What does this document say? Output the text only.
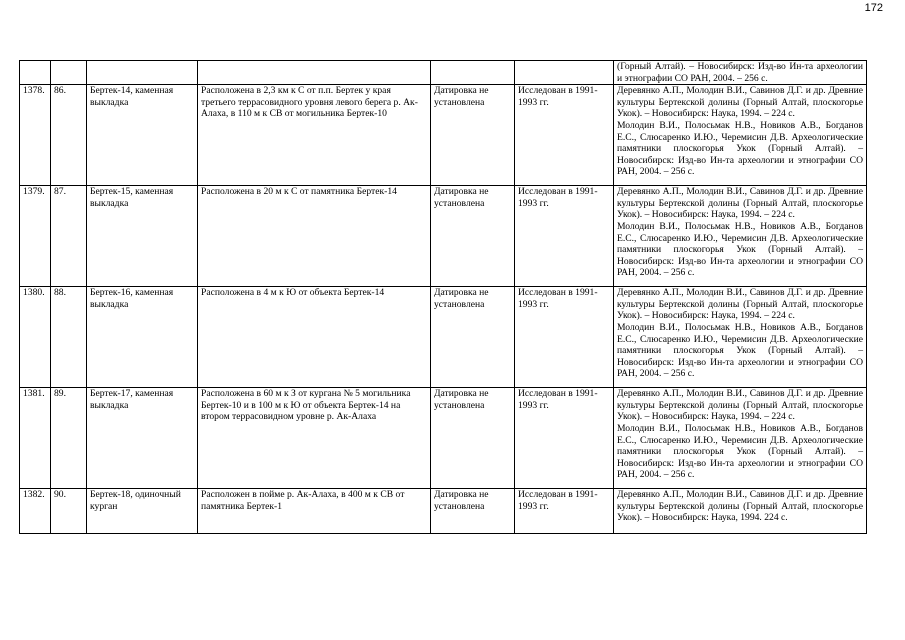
172

						(Горный Алтай). – Новосибирск: Изд-во Ин-та археологии и этнографии СО РАН, 2004. – 256 с.

1378.	86.	Бертек-14, каменная выкладка	Расположена в 2,3 км к С от п.п. Бертек у края третьего террасовидного уровня левого берега р. Ак-Алаха, в 110 м к СВ от могильника Бертек-10	Датировка не установлена	Исследован в 1991-1993 гг.	Деревянко А.П., Молодин В.И., Савинов Д.Г. и др. Древние культуры Бертекской долины (Горный Алтай, плоскогорье Укок). – Новосибирск: Наука, 1994. – 224 с.
Молодин В.И., Полосьмак Н.В., Новиков А.В., Богданов Е.С., Слюсаренко И.Ю., Черемисин Д.В. Археологические памятники плоскогорья Укок (Горный Алтай). – Новосибирск: Изд-во Ин-та археологии и этнографии СО РАН, 2004. – 256 с.

1379.	87.	Бертек-15, каменная выкладка	Расположена в 20 м к С от памятника Бертек-14	Датировка не установлена	Исследован в 1991-1993 гг.	Деревянко А.П., Молодин В.И., Савинов Д.Г. и др. Древние культуры Бертекской долины (Горный Алтай, плоскогорье Укок). – Новосибирск: Наука, 1994. – 224 с.
Молодин В.И., Полосьмак Н.В., Новиков А.В., Богданов Е.С., Слюсаренко И.Ю., Черемисин Д.В. Археологические памятники плоскогорья Укок (Горный Алтай). – Новосибирск: Изд-во Ин-та археологии и этнографии СО РАН, 2004. – 256 с.

1380.	88.	Бертек-16, каменная выкладка	Расположена в 4 м к Ю от объекта Бертек-14	Датировка не установлена	Исследован в 1991-1993 гг.	Деревянко А.П., Молодин В.И., Савинов Д.Г. и др. Древние культуры Бертекской долины (Горный Алтай, плоскогорье Укок). – Новосибирск: Наука, 1994. – 224 с.
Молодин В.И., Полосьмак Н.В., Новиков А.В., Богданов Е.С., Слюсаренко И.Ю., Черемисин Д.В. Археологические памятники плоскогорья Укок (Горный Алтай). – Новосибирск: Изд-во Ин-та археологии и этнографии СО РАН, 2004. – 256 с.

1381.	89.	Бертек-17, каменная выкладка	Расположена в 60 м к З от кургана № 5 могильника Бертек-10 и в 100 м к Ю от объекта Бертек-14 на втором террасовидном уровне р. Ак-Алаха	Датировка не установлена	Исследован в 1991-1993 гг.	Деревянко А.П., Молодин В.И., Савинов Д.Г. и др. Древние культуры Бертекской долины (Горный Алтай, плоскогорье Укок). – Новосибирск: Наука, 1994. – 224 с.
Молодин В.И., Полосьмак Н.В., Новиков А.В., Богданов Е.С., Слюсаренко И.Ю., Черемисин Д.В. Археологические памятники плоскогорья Укок (Горный Алтай). – Новосибирск: Изд-во Ин-та археологии и этнографии СО РАН, 2004. – 256 с.

1382.	90.	Бертек-18, одиночный курган	Расположен в пойме р. Ак-Алаха, в 400 м к СВ от памятника Бертек-1	Датировка не установлена	Исследован в 1991-1993 гг.	Деревянко А.П., Молодин В.И., Савинов Д.Г. и др. Древние культуры Бертекской долины (Горный Алтай, плоскогорье Укок). – Новосибирск: Наука, 1994. 224 с.
